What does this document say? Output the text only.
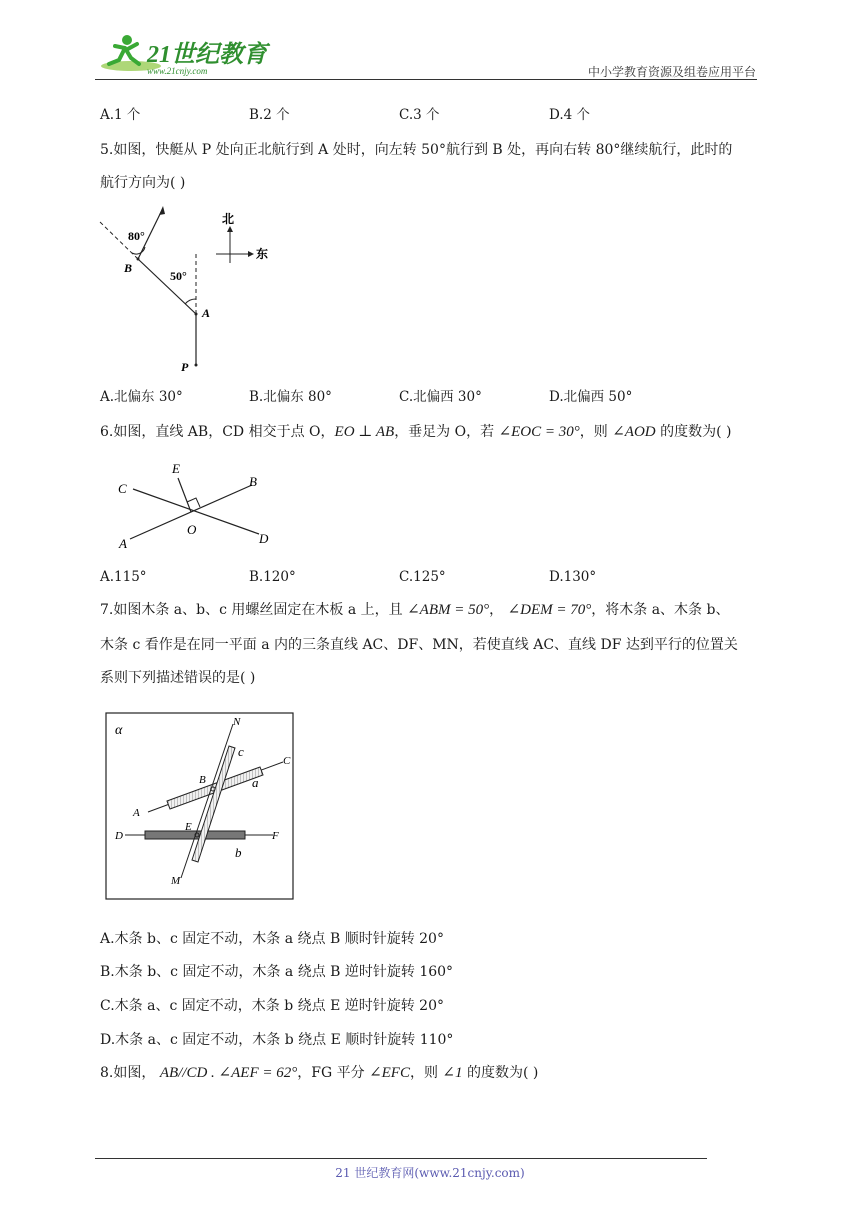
21世纪教育
www.21cnjy.com	中小学教育资源及组卷应用平台
A.1 个	B.2 个	C.3 个	D.4 个
5.如图，快艇从 P 处向正北航行到 A 处时，向左转 50°航行到 B 处，再向右转 80°继续航行，此时的
航行方向为( )
80°
50°
B
A
P
北
东
A.北偏东 30°	B.北偏东 80°	C.北偏西 30°	D.北偏西 50°
6.如图，直线 AB，CD 相交于点 O，EO ⊥ AB，垂足为 O，若 ∠EOC = 30°，则 ∠AOD 的度数为( )
E
B
C
O
A	D
A.115°	B.120°	C.125°	D.130°
7.如图木条 a、b、c 用螺丝固定在木板 a 上，且 ∠ABM = 50°， ∠DEM = 70°，将木条 a、木条 b、
木条 c 看作是在同一平面 a 内的三条直线 AC、DF、MN，若使直线 AC、直线 DF 达到平行的位置关
系则下列描述错误的是( )
α
N
c
C
B	a
A
E
D	F
b
M
A.木条 b、c 固定不动，木条 a 绕点 B 顺时针旋转 20°
B.木条 b、c 固定不动，木条 a 绕点 B 逆时针旋转 160°
C.木条 a、c 固定不动，木条 b 绕点 E 逆时针旋转 20°
D.木条 a、c 固定不动，木条 b 绕点 E 顺时针旋转 110°
8.如图， AB//CD . ∠AEF = 62°，FG 平分 ∠EFC，则 ∠1 的度数为( )
21 世纪教育网(www.21cnjy.com)
